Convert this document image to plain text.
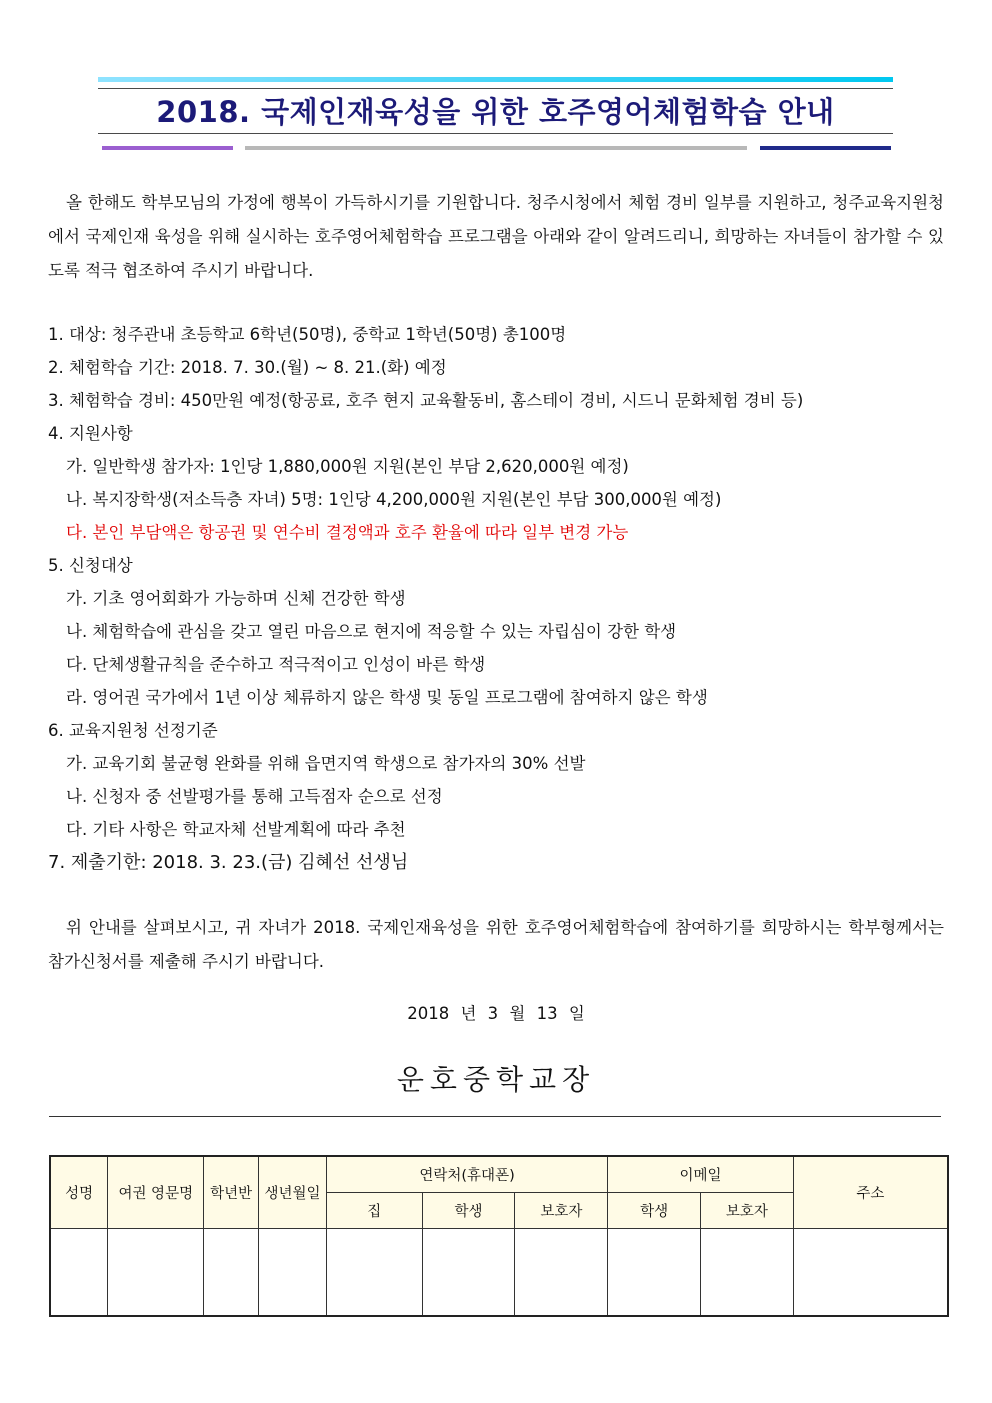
2018. 국제인재육성을 위한 호주영어체험학습 안내
올 한해도 학부모님의 가정에 행복이 가득하시기를 기원합니다. 청주시청에서 체험 경비 일부를 지원하고, 청주교육지원청에서 국제인재 육성을 위해 실시하는 호주영어체험학습 프로그램을 아래와 같이 알려드리니, 희망하는 자녀들이 참가할 수 있도록 적극 협조하여 주시기 바랍니다.
1. 대상: 청주관내 초등학교 6학년(50명), 중학교 1학년(50명) 총100명
2. 체험학습 기간: 2018. 7. 30.(월) ~ 8. 21.(화) 예정
3. 체험학습 경비: 450만원 예정(항공료, 호주 현지 교육활동비, 홈스테이 경비, 시드니 문화체험 경비 등)
4. 지원사항
가. 일반학생 참가자: 1인당 1,880,000원 지원(본인 부담 2,620,000원 예정)
나. 복지장학생(저소득층 자녀) 5명: 1인당 4,200,000원 지원(본인 부담 300,000원 예정)
다. 본인 부담액은 항공권 및 연수비 결정액과 호주 환율에 따라 일부 변경 가능
5. 신청대상
가. 기초 영어회화가 가능하며 신체 건강한 학생
나. 체험학습에 관심을 갖고 열린 마음으로 현지에 적응할 수 있는 자립심이 강한 학생
다. 단체생활규칙을 준수하고 적극적이고 인성이 바른 학생
라. 영어권 국가에서 1년 이상 체류하지 않은 학생 및 동일 프로그램에 참여하지 않은 학생
6. 교육지원청 선정기준
가. 교육기회 불균형 완화를 위해 읍면지역 학생으로 참가자의 30% 선발
나. 신청자 중 선발평가를 통해 고득점자 순으로 선정
다. 기타 사항은 학교자체 선발계획에 따라 추천
7. 제출기한: 2018. 3. 23.(금) 김혜선 선생님
위 안내를 살펴보시고, 귀 자녀가 2018. 국제인재육성을 위한 호주영어체험학습에 참여하기를 희망하시는 학부형께서는 참가신청서를 제출해 주시기 바랍니다.
2018 년 3 월 13 일
운호중학교장
성명	여권 영문명	학년반	생년월일	연락처(휴대폰)			이메일		주소
				집	학생	보호자	학생	보호자	
